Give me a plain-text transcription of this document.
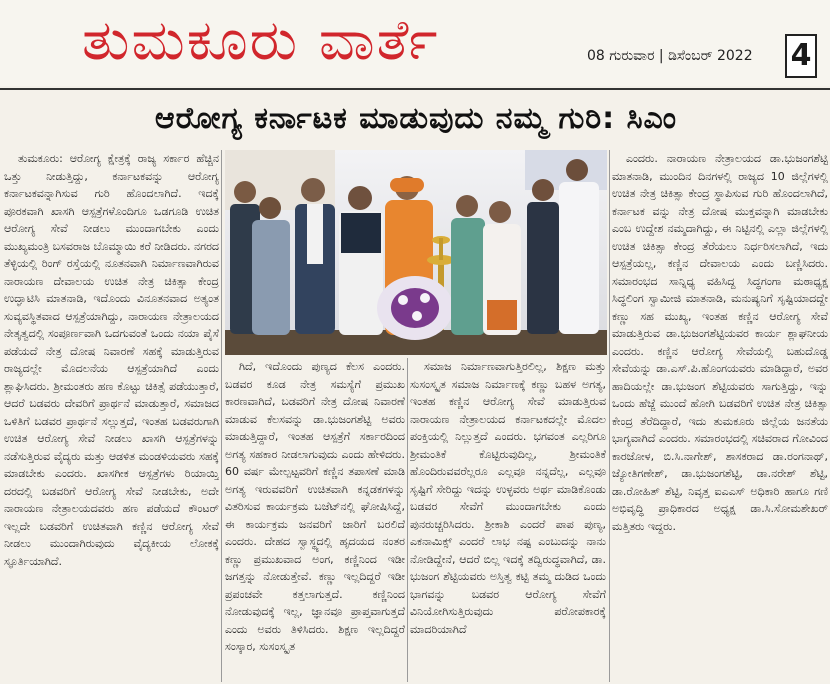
ತುಮಕೂರು ವಾರ್ತೆ	08 ಗುರುವಾರ | ಡಿಸೆಂಬರ್ 2022 4
ಆರೋಗ್ಯ ಕರ್ನಾಟಕ ಮಾಡುವುದು ನಮ್ಮ ಗುರಿ: ಸಿಎಂ

ತುಮಕೂರು: ಆರೋಗ್ಯ ಕ್ಷೇತ್ರಕ್ಕೆ ರಾಜ್ಯ ಸರ್ಕಾರ ಹೆಚ್ಚಿನ ಒತ್ತು ನೀಡುತ್ತಿದ್ದು, ಕರ್ನಾಟಕವನ್ನು ಆರೋಗ್ಯ ಕರ್ನಾಟಕವನ್ನಾಗಿಸುವ ಗುರಿ ಹೊಂದಲಾಗಿದೆ. ಇದಕ್ಕೆ ಪೂರಕವಾಗಿ ಖಾಸಗಿ ಆಸ್ಪತ್ರೆಗಳೊಂದಿಗೂ ಒಡಗೂಡಿ ಉಚಿತ ಆರೋಗ್ಯ ಸೇವೆ ನೀಡಲು ಮುಂದಾಗಬೇಕು ಎಂದು ಮುಖ್ಯಮಂತ್ರಿ ಬಸವರಾಜ ಬೊಮ್ಮಾಯಿ ಕರೆ ನೀಡಿದರು. ನಗರದ ತೆಳ್ಳಿಯಲ್ಲಿ ರಿಂಗ್ ರಸ್ತೆಯಲ್ಲಿ ನೂತನವಾಗಿ ನಿರ್ಮಾಣವಾಗಿರುವ ನಾರಾಯಣ ದೇವಾಲಯ ಉಚಿತ ನೇತ್ರ ಚಿಕಿತ್ಸಾ ಕೇಂದ್ರ ಉದ್ಘಾಟಿಸಿ ಮಾತನಾಡಿ, ಇದೊಂದು ವಿನೂತನವಾದ ಅತ್ಯಂತ ಸುವ್ಯವಸ್ಥಿತವಾದ ಆಸ್ಪತ್ರೆಯಾಗಿದ್ದು, ನಾರಾಯಣ ನೇತ್ರಾಲಯದ ನೇತೃತ್ವದಲ್ಲಿ ಸಂಪೂರ್ಣವಾಗಿ ಒದಗುವಂತೆ ಒಂದು ನಯಾ ಪೈಸೆ ಪಡೆಯದೆ ನೇತ್ರ ದೋಷ ನಿವಾರಣೆ ಸಹಕ್ಕೆ ಮಾಡುತ್ತಿರುವ ರಾಜ್ಯದಲ್ಲೇ ಮೊದಲನೆಯ ಆಸ್ಪತ್ರೆಯಾಗಿದೆ ಎಂದು ಶ್ಲಾಘಿಸಿದರು. ಶ್ರೀಮಂತರು ಹಣ ಕೊಟ್ಟು ಚಿಕಿತ್ಸೆ ಪಡೆಯುತ್ತಾರೆ, ಆದರೆ ಬಡವರು ದೇವರಿಗೆ ಪ್ರಾರ್ಥನೆ ಮಾಡುತ್ತಾರೆ, ಸಮಾಜದ ಒಳಿತಿಗೆ ಬಡವರ ಪ್ರಾರ್ಥನೆ ಸಲ್ಲುತ್ತದೆ, ಇಂತಹ ಬಡವರುಗಾಗಿ ಉಚಿತ ಆರೋಗ್ಯ ಸೇವೆ ನೀಡಲು ಖಾಸಗಿ ಆಸ್ಪತ್ರೆಗಳನ್ನು ನಡೆಸುತ್ತಿರುವ ವೈದ್ಯರು ಮತ್ತು ಆಡಳಿತ ಮಂಡಳಿಯವರು ಸಹಕ್ಕೆ ಮಾಡಬೇಕು ಎಂದರು. ಖಾಸಗೀಕ ಆಸ್ಪತ್ರೆಗಳು ರಿಯಾಯ್ತಿ ದರದಲ್ಲಿ ಬಡವರಿಗೆ ಆರೋಗ್ಯ ಸೇವೆ ನೀಡಬೇಕು, ಅದೇ ನಾರಾಯಣ ನೇತ್ರಾಲಯದವರು ಹಣ ಪಡೆಯದೆ ಕೌಂಟರ್ ಇಲ್ಲದೇ ಬಡವರಿಗೆ ಉಚಿತವಾಗಿ ಕಣ್ಣಿನ ಆರೋಗ್ಯ ಸೇವೆ ನೀಡಲು ಮುಂದಾಗಿರುವುದು ವೈದ್ಯಕೀಯ ಲೋಕಕ್ಕೆ ಸ್ಫೂರ್ತಿಯಾಗಿದೆ.

ಗಿದೆ, ಇದೊಂದು ಪುಣ್ಯದ ಕೆಲಸ ಎಂದರು. ಬಡವರ ಕೂಡ ನೇತ್ರ ಸಮಸ್ಯೆಗೆ ಪ್ರಮುಖ ಕಾರಣವಾಗಿದೆ, ಬಡವರಿಗೆ ನೇತ್ರ ದೋಷ ನಿವಾರಣೆ ಮಾಡುವ ಕೆಲಸವನ್ನು ಡಾ.ಭುಜಂಗಶೆಟ್ಟಿ ಅವರು ಮಾಡುತ್ತಿದ್ದಾರೆ, ಇಂತಹ ಆಸ್ಪತ್ರೆಗೆ ಸರ್ಕಾರದಿಂದ ಅಗತ್ಯ ಸಹಕಾರ ನೀಡಲಾಗುವುದು ಎಂದು ಹೇಳಿದರು. 60 ವರ್ಷ ಮೇಲ್ಪಟ್ಟವರಿಗೆ ಕಣ್ಣಿನ ತಪಾಸಣೆ ಮಾಡಿ ಅಗತ್ಯ ಇರುವವರಿಗೆ ಉಚಿತವಾಗಿ ಕನ್ನಡಕಗಳನ್ನು ವಿತರಿಸುವ ಕಾರ್ಯಕ್ರಮ ಬಜೆಟ್‌ನಲ್ಲಿ ಘೋಷಿಸಿದ್ದೆ, ಈ ಕಾರ್ಯಕ್ರಮ ಜನವರಿಗೆ ಜಾರಿಗೆ ಬರಲಿದೆ ಎಂದರು. ದೇಹದ ಸ್ವಾಸ್ಥ್ಯದಲ್ಲಿ ಹೃದಯದ ನಂತರ ಕಣ್ಣು ಪ್ರಮುಖವಾದ ಅಂಗ, ಕಣ್ಣಿನಿಂದ ಇಡೀ ಜಗತ್ತನ್ನು ನೋಡುತ್ತೇವೆ. ಕಣ್ಣು ಇಲ್ಲದಿದ್ದರೆ ಇಡೀ ಪ್ರಪಂಚವೇ ಕತ್ತಲಾಗುತ್ತದೆ. ಕಣ್ಣಿನಿಂದ ನೋಡುವುದಕ್ಕೆ ಇಲ್ಲ, ಜ್ಞಾನವೂ ಪ್ರಾಪ್ತವಾಗುತ್ತದೆ ಎಂದು ಅವರು ತಿಳಿಸಿದರು. ಶಿಕ್ಷಣ ಇಲ್ಲದಿದ್ದರೆ ಸಂಸ್ಕಾರ, ಸುಸಂಸ್ಕೃತ

ಸಮಾಜ ನಿರ್ಮಾಣವಾಗುತ್ತಿರಲಿಲ್ಲ, ಶಿಕ್ಷಣ ಮತ್ತು ಸುಸಂಸ್ಕೃತ ಸಮಾಜ ನಿರ್ಮಾಣಕ್ಕೆ ಕಣ್ಣು ಬಹಳ ಅಗತ್ಯ, ಇಂತಹ ಕಣ್ಣಿನ ಆರೋಗ್ಯ ಸೇವೆ ಮಾಡುತ್ತಿರುವ ನಾರಾಯಣ ನೇತ್ರಾಲಯದ ಕರ್ನಾಟಕದಲ್ಲೇ ಮೊದಲ ಪಂಕ್ತಿಯಲ್ಲಿ ನಿಲ್ಲುತ್ತದೆ ಎಂದರು. ಭಗವಂತ ಎಲ್ಲರಿಗೂ ಶ್ರೀಮಂತಿಕೆ ಕೊಟ್ಟಿರುವುದಿಲ್ಲ, ಶ್ರೀಮಂತಿಕೆ ಹೊಂದಿರುವವರೆಲ್ಲರೂ ಎಲ್ಲವೂ ನನ್ನದೆಲ್ಲ, ಎಲ್ಲವೂ ಸೃಷ್ಟಿಗೆ ಸೇರಿದ್ದು ಇದನ್ನು ಉಳ್ಳವರು ಅರ್ಥ ಮಾಡಿಕೊಂಡು ಬಡವರ ಸೇವೆಗೆ ಮುಂದಾಗಬೇಕು ಎಂದು ಪುನರುಚ್ಚರಿಸಿದರು. ಶ್ರೀಕಾಶಿ ಎಂದರೆ ಪಾಪ ಪುಣ್ಯ, ಎಕನಾಮಿಕ್ಸ್ ಎಂದರೆ ಲಾಭ ನಷ್ಟ ಎಂಬುದನ್ನು ನಾನು ನೋಡಿದ್ದೇನೆ, ಆದರೆ ಬಿಲ್ಲ ಇದಕ್ಕೆ ತದ್ವಿರುದ್ಧವಾಗಿದೆ, ಡಾ. ಭುಜಂಗ ಶೆಟ್ಟಿಯವರು ಅಸ್ತಿತ್ವ ಕಟ್ಟಿ ತಮ್ಮ ದುಡಿದ ಒಂದು ಭಾಗವನ್ನು ಬಡವರ ಆರೋಗ್ಯ ಸೇವೆಗೆ ವಿನಿಯೋಗಿಸುತ್ತಿರುವುದು ಪರೋಪಕಾರಕ್ಕೆ ಮಾದರಿಯಾಗಿದೆ

ಎಂದರು. ನಾರಾಯಣ ನೇತ್ರಾಲಯದ ಡಾ.ಭುಜಂಗಶೆಟ್ಟಿ ಮಾತನಾಡಿ, ಮುಂದಿನ ದಿನಗಳಲ್ಲಿ ರಾಜ್ಯದ 10 ಜಿಲ್ಲೆಗಳಲ್ಲಿ ಉಚಿತ ನೇತ್ರ ಚಿಕಿತ್ಸಾ ಕೇಂದ್ರ ಸ್ಥಾಪಿಸುವ ಗುರಿ ಹೊಂದಲಾಗಿದೆ, ಕರ್ನಾಟಕ ವನ್ನು ನೇತ್ರ ದೋಷ ಮುಕ್ತವನ್ನಾಗಿ ಮಾಡಬೇಕು ಎಂಬ ಉದ್ದೇಶ ನಮ್ಮದಾಗಿದ್ದು, ಈ ನಿಟ್ಟಿನಲ್ಲಿ ಎಲ್ಲಾ ಜಿಲ್ಲೆಗಳಲ್ಲಿ ಉಚಿತ ಚಿಕಿತ್ಸಾ ಕೇಂದ್ರ ತೆರೆಯಲು ನಿರ್ಧರಿಸಲಾಗಿದೆ, ಇದು ಆಸ್ಪತ್ರೆಯಲ್ಲ, ಕಣ್ಣಿನ ದೇವಾಲಯ ಎಂದು ಬಣ್ಣಿಸಿದರು. ಸಮಾರಂಭದ ಸಾನ್ನಿಧ್ಯ ವಹಿಸಿದ್ದ ಸಿದ್ಧಗಂಗಾ ಮಠಾಧ್ಯಕ್ಷ ಸಿದ್ಧಲಿಂಗ ಸ್ವಾಮೀಜಿ ಮಾತನಾಡಿ, ಮನುಷ್ಯನಿಗೆ ಸೃಷ್ಟಿಯಾದದ್ದೇ ಕಣ್ಣು ಸಹ ಮುಖ್ಯ, ಇಂತಹ ಕಣ್ಣಿನ ಆರೋಗ್ಯ ಸೇವೆ ಮಾಡುತ್ತಿರುವ ಡಾ.ಭುಜಂಗಶೆಟ್ಟಿಯವರ ಕಾರ್ಯ ಶ್ಲಾಘನೀಯ ಎಂದರು. ಕಣ್ಣಿನ ಆರೋಗ್ಯ ಸೇವೆಯಲ್ಲಿ ಬಹುದೊಡ್ಡ ಸೇವೆಯನ್ನು ಡಾ.ಎಸ್.ಪಿ.ಹೊಂಗಯವರು ಮಾಡಿದ್ದಾರೆ, ಅವರ ಹಾದಿಯಲ್ಲೇ ಡಾ.ಭುಜಂಗ ಶೆಟ್ಟಿಯವರು ಸಾಗುತ್ತಿದ್ದು, ಇನ್ನು ಒಂದು ಹೆಜ್ಜೆ ಮುಂದೆ ಹೋಗಿ ಬಡವರಿಗೆ ಉಚಿತ ನೇತ್ರ ಚಿಕಿತ್ಸಾ ಕೇಂದ್ರ ತೆರೆದಿದ್ದಾರೆ, ಇದು ತುಮಕೂರು ಜಿಲ್ಲೆಯ ಜನತೆಯ ಭಾಗ್ಯವಾಗಿದೆ ಎಂದರು. ಸಮಾರಂಭದಲ್ಲಿ ಸಚಿವರಾದ ಗೋವಿಂದ ಕಾರಜೋಳ, ಬಿ.ಸಿ.ನಾಗೇಶ್, ಶಾಸಕರಾದ ಡಾ.ರಂಗನಾಥ್, ಜ್ಯೋತಿಗಣೇಶ್, ಡಾ.ಭುಜಂಗಶೆಟ್ಟಿ, ಡಾ.ನರೇಶ್ ಶೆಟ್ಟಿ, ಡಾ.ರೋಹಿತ್ ಶೆಟ್ಟಿ, ನಿವೃತ್ತ ಐಎಎಸ್ ಅಧಿಕಾರಿ ಹಾಗೂ ಗಣಿ ಅಭಿವೃದ್ಧಿ ಪ್ರಾಧಿಕಾರದ ಅಧ್ಯಕ್ಷ ಡಾ.ಸಿ.ಸೋಮಶೇಖರ್ ಮತ್ತಿತರು ಇದ್ದರು.
